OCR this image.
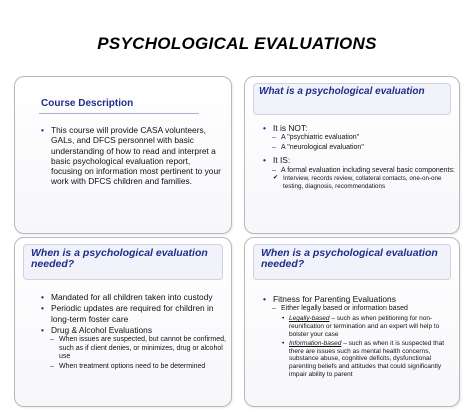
PSYCHOLOGICAL EVALUATIONS
Course Description
• This course will provide CASA volunteers, GALs, and DFCS personnel with basic understanding of how to read and interpret a basic psychological evaluation report, focusing on information most pertinent to your work with DFCS children and families.
What is a psychological evaluation
• It is NOT:
– A "psychiatric evaluation"
– A "neurological evaluation"
• It IS:
– A formal evaluation including several basic components:
✔ Interview, records review, collateral contacts, one-on-one testing, diagnosis, recommendations
When is a psychological evaluation needed?
• Mandated for all children taken into custody
• Periodic updates are required for children in long-term foster care
• Drug & Alcohol Evaluations
– When issues are suspected, but cannot be confirmed, such as if client denies, or minimizes, drug or alcohol use
– When treatment options need to be determined
When is a psychological evaluation needed?
• Fitness for Parenting Evaluations
– Either legally based or information based
• Legally-based – such as when petitioning for non-reunification or termination and an expert will help to bolster your case
• Information-based – such as when it is suspected that there are issues such as mental health concerns, substance abuse, cognitive deficits, dysfunctional parenting beliefs and attitudes that could significantly impair ability to parent
